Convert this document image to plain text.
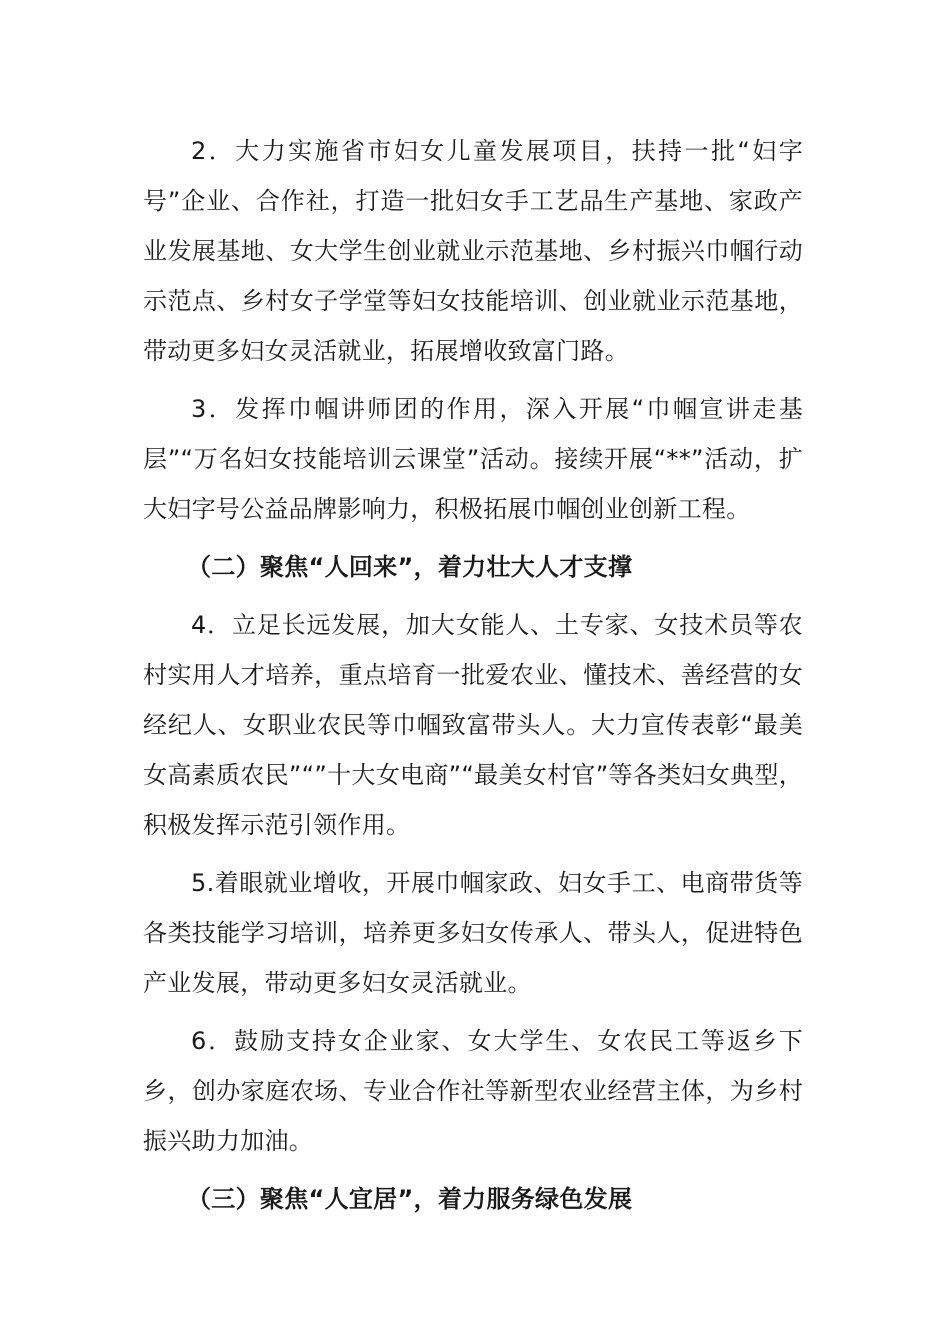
2．大力实施省市妇女儿童发展项目，扶持一批“妇字号”企业、合作社，打造一批妇女手工艺品生产基地、家政产业发展基地、女大学生创业就业示范基地、乡村振兴巾帼行动示范点、乡村女子学堂等妇女技能培训、创业就业示范基地，带动更多妇女灵活就业，拓展增收致富门路。

3．发挥巾帼讲师团的作用，深入开展“巾帼宣讲走基层”“万名妇女技能培训云课堂”活动。接续开展“**”活动，扩大妇字号公益品牌影响力，积极拓展巾帼创业创新工程。

（二）聚焦“人回来”，着力壮大人才支撑

4．立足长远发展，加大女能人、土专家、女技术员等农村实用人才培养，重点培育一批爱农业、懂技术、善经营的女经纪人、女职业农民等巾帼致富带头人。大力宣传表彰“最美女高素质农民”“”十大女电商”“最美女村官”等各类妇女典型，积极发挥示范引领作用。

5.着眼就业增收，开展巾帼家政、妇女手工、电商带货等各类技能学习培训，培养更多妇女传承人、带头人，促进特色产业发展，带动更多妇女灵活就业。

6．鼓励支持女企业家、女大学生、女农民工等返乡下乡，创办家庭农场、专业合作社等新型农业经营主体，为乡村振兴助力加油。

（三）聚焦“人宜居”，着力服务绿色发展
